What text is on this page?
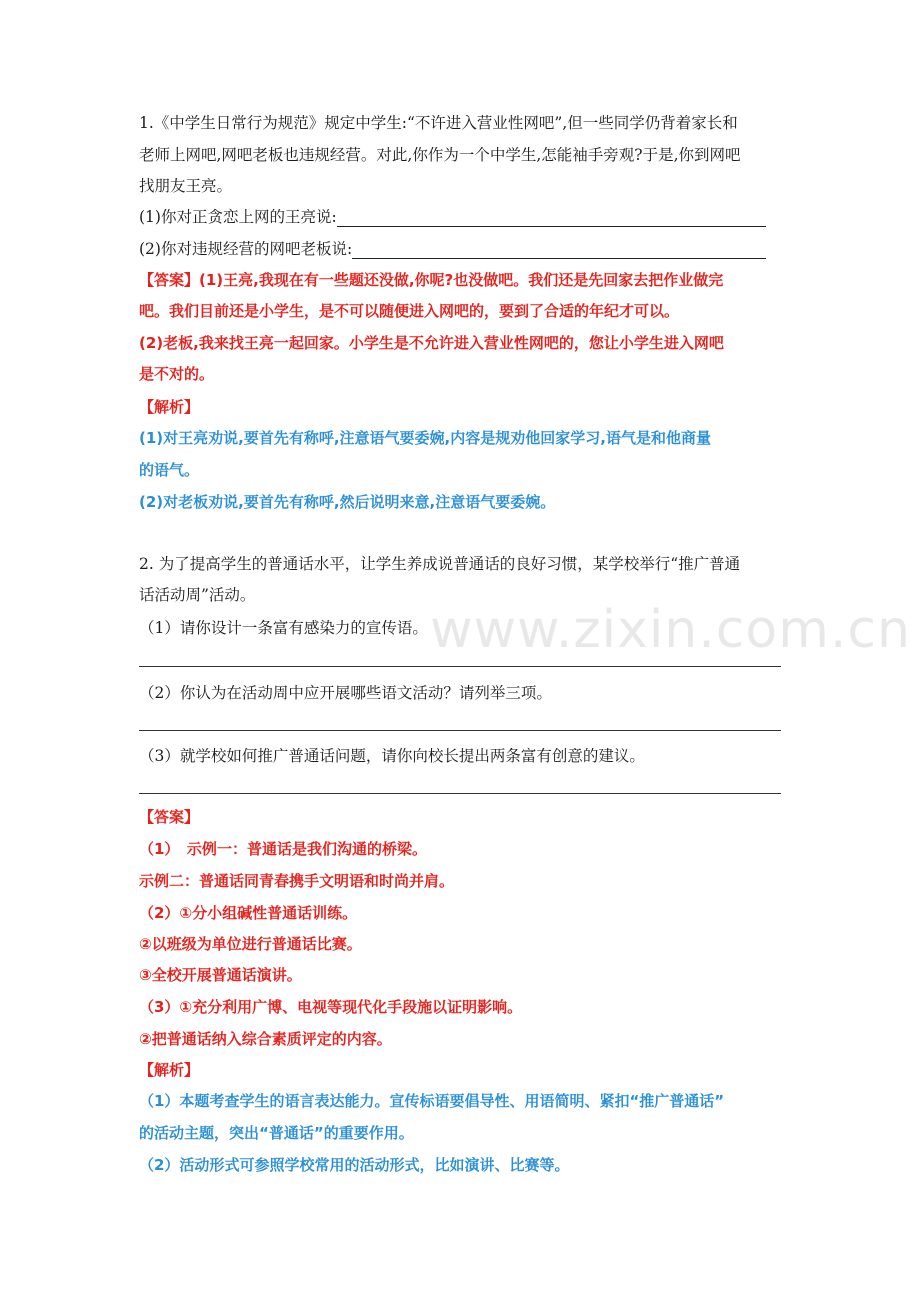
1.《中学生日常行为规范》规定中学生:“不许进入营业性网吧”,但一些同学仍背着家长和
老师上网吧,网吧老板也违规经营。对此,你作为一个中学生,怎能袖手旁观?于是,你到网吧
找朋友王亮。
(1)你对正贪恋上网的王亮说:
(2)你对违规经营的网吧老板说:
【答案】(1)王亮,我现在有一些题还没做,你呢?也没做吧。我们还是先回家去把作业做完
吧。我们目前还是小学生，是不可以随便进入网吧的，要到了合适的年纪才可以。
(2)老板,我来找王亮一起回家。小学生是不允许进入营业性网吧的，您让小学生进入网吧
是不对的。
【解析】
(1)对王亮劝说,要首先有称呼,注意语气要委婉,内容是规劝他回家学习,语气是和他商量
的语气。
(2)对老板劝说,要首先有称呼,然后说明来意,注意语气要委婉。
2. 为了提高学生的普通话水平，让学生养成说普通话的良好习惯，某学校举行“推广普通
话活动周”活动。
（1）请你设计一条富有感染力的宣传语。
（2）你认为在活动周中应开展哪些语文活动？请列举三项。
（3）就学校如何推广普通话问题，请你向校长提出两条富有创意的建议。
【答案】
（1）　示例一：普通话是我们沟通的桥梁。
示例二：普通话同青春携手文明语和时尚并肩。
（2）①分小组碱性普通话训练。
②以班级为单位进行普通话比赛。
③全校开展普通话演讲。
（3）①充分利用广博、电视等现代化手段施以证明影响。
②把普通话纳入综合素质评定的内容。
【解析】
（1）本题考查学生的语言表达能力。宣传标语要倡导性、用语简明、紧扣“推广普通话”
的活动主题，突出“普通话”的重要作用。
（2）活动形式可参照学校常用的活动形式，比如演讲、比赛等。
www.zixin.com.cn
